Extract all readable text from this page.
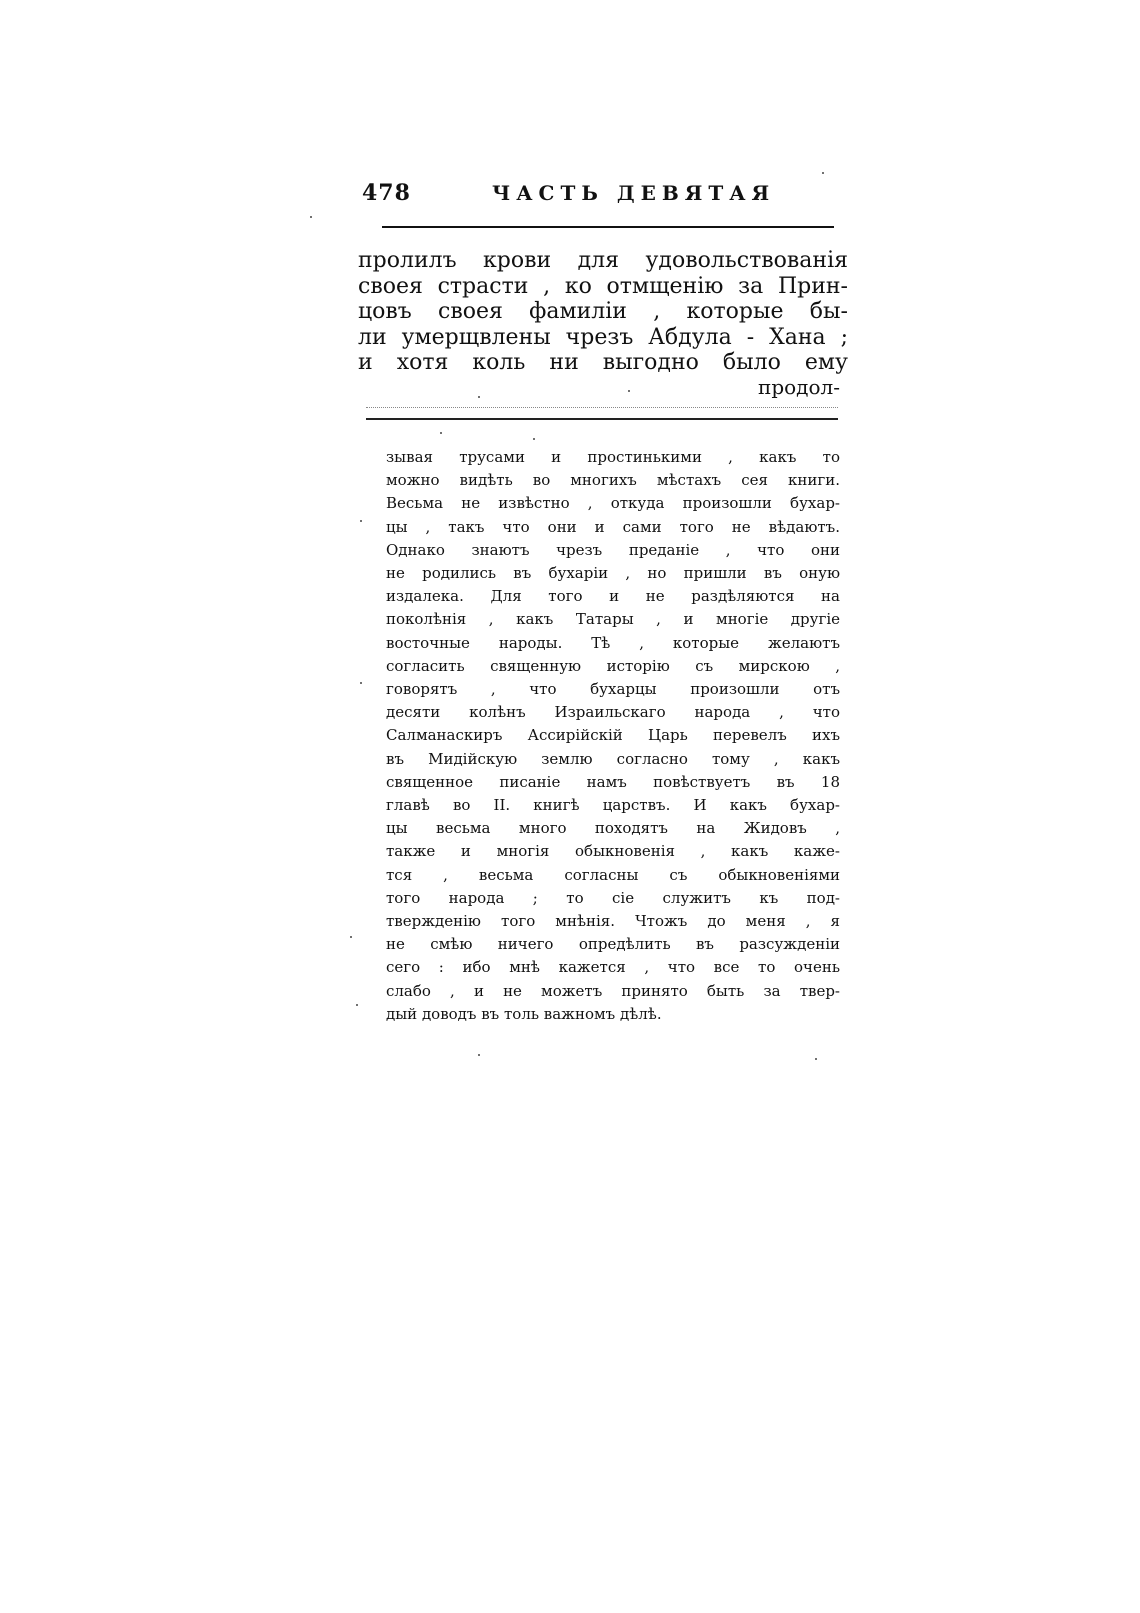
478	ЧАСТЬ ДЕВЯТАЯ
пролилъ крови для удовольствованія
своея страсти , ко отмщенію за Прин-
цовъ своея фамиліи , которые бы-
ли умерщвлены чрезъ Абдула - Хана ;
и хотя коль ни выгодно было ему
продол-
зывая трусами и простинькими , какъ то
можно видѣть во многихъ мѣстахъ сея книги.
Весьма не извѣстно , откуда произошли бухар-
цы , такъ что они и сами того не вѣдаютъ.
Однако знаютъ чрезъ преданіе , что они
не родились въ бухаріи , но пришли въ оную
издалека. Для того и не раздѣляются на
поколѣнія , какъ Татары , и многіе другіе
восточные народы. Тѣ , которые желаютъ
согласить священную исторію съ мирскою ,
говорятъ , что бухарцы произошли отъ
десяти колѣнъ Израильскаго народа , что
Салманаскиръ Ассирійскій Царь перевелъ ихъ
въ Мидійскую землю согласно тому , какъ
священное писаніе намъ повѣствуетъ въ 18
главѣ во II. книгѣ царствъ. И какъ бухар-
цы весьма много походятъ на Жидовъ ,
также и многія обыкновенія , какъ каже-
тся , весьма согласны съ обыкновеніями
того народа ; то сіе служитъ къ под-
твержденію того мнѣнія. Чтожъ до меня , я
не смѣю ничего опредѣлить въ разсужденіи
сего : ибо мнѣ кажется , что все то очень
слабо , и не можетъ принято быть за твер-
дый доводъ въ толь важномъ дѣлѣ.
